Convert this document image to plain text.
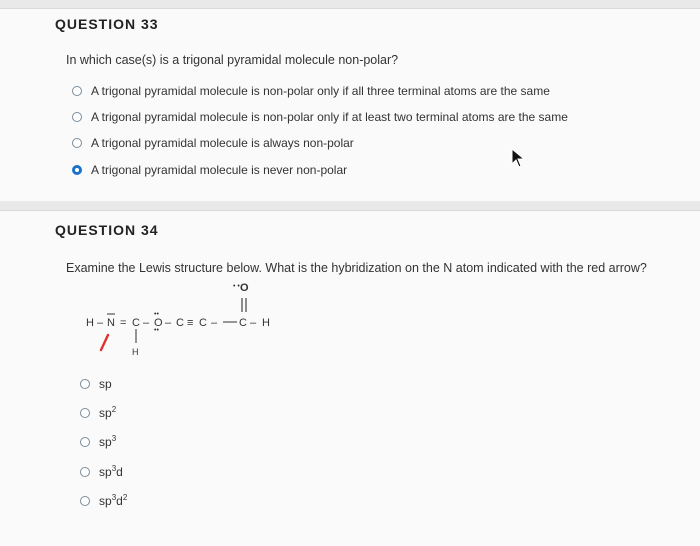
QUESTION 33
In which case(s) is a trigonal pyramidal molecule non-polar?
A trigonal pyramidal molecule is non-polar only if all three terminal atoms are the same
A trigonal pyramidal molecule is non-polar only if at least two terminal atoms are the same
A trigonal pyramidal molecule is always non-polar
A trigonal pyramidal molecule is never non-polar
QUESTION 34
Examine the Lewis structure below. What is the hybridization on the N atom indicated with the red arrow?
sp
$sp^2$
$sp^3$
$sp^3d$
$sp^3d^2$
O
• •
H – N = C – O
••
••
– C ≡ C – C – H
H
